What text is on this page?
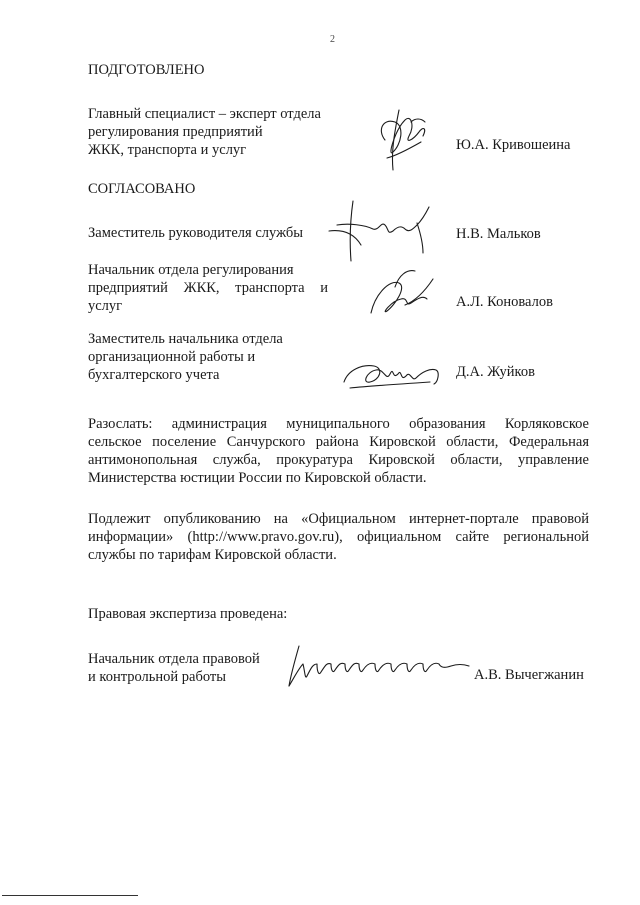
2
ПОДГОТОВЛЕНО
Главный специалист – эксперт отдела
регулирования предприятий
ЖКК, транспорта и услуг	Ю.А. Кривошеина
СОГЛАСОВАНО
Заместитель руководителя службы	Н.В. Мальков
Начальник отдела регулирования
предприятий ЖКК, транспорта и
услуг	А.Л. Коновалов
Заместитель начальника отдела
организационной работы и
бухгалтерского учета	Д.А. Жуйков
Разослать: администрация муниципального образования Корляковское
сельское поселение Санчурского района Кировской области, Федеральная
антимонопольная служба, прокуратура Кировской области, управление
Министерства юстиции России по Кировской области.
Подлежит опубликованию на «Официальном интернет-портале правовой
информации» (http://www.pravo.gov.ru), официальном сайте региональной
службы по тарифам Кировской области.
Правовая экспертиза проведена:
Начальник отдела правовой
и контрольной работы	А.В. Вычегжанин
